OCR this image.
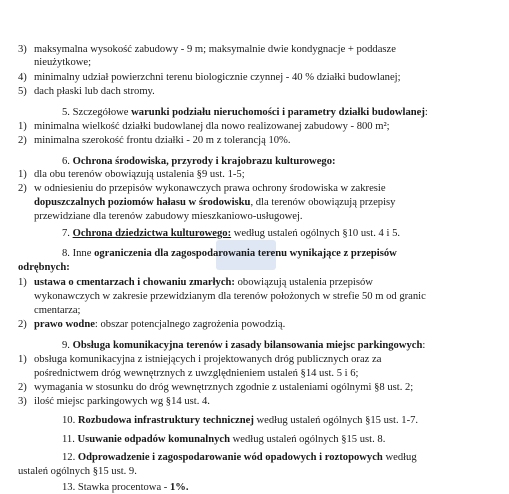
3) maksymalna wysokość zabudowy - 9 m; maksymalnie dwie kondygnacje + poddasze
nieużytkowe;
4) minimalny udział powierzchni terenu biologicznie czynnej - 40 % działki budowlanej;
5) dach płaski lub dach stromy.
5. Szczegółowe warunki podziału nieruchomości i parametry działki budowlanej:
1) minimalna wielkość działki budowlanej dla nowo realizowanej zabudowy - 800 m²;
2) minimalna szerokość frontu działki - 20 m z tolerancją 10%.
6. Ochrona środowiska, przyrody i krajobrazu kulturowego:
1) dla obu terenów obowiązują ustalenia §9 ust. 1-5;
2) w odniesieniu do przepisów wykonawczych prawa ochrony środowiska w zakresie
dopuszczalnych poziomów hałasu w środowisku, dla terenów obowiązują przepisy
przewidziane dla terenów zabudowy mieszkaniowo-usługowej.
7. Ochrona dziedzictwa kulturowego: według ustaleń ogólnych §10 ust. 4 i 5.
8. Inne ograniczenia dla zagospodarowania terenu wynikające z przepisów
odrębnych:
1) ustawa o cmentarzach i chowaniu zmarłych: obowiązują ustalenia przepisów
wykonawczych w zakresie przewidzianym dla terenów położonych w strefie 50 m od granic
cmentarza;
2) prawo wodne: obszar potencjalnego zagrożenia powodzią.
9. Obsługa komunikacyjna terenów i zasady bilansowania miejsc parkingowych:
1) obsługa komunikacyjna z istniejących i projektowanych dróg publicznych oraz za
pośrednictwem dróg wewnętrznych z uwzględnieniem ustaleń §14 ust. 5 i 6;
2) wymagania w stosunku do dróg wewnętrznych zgodnie z ustaleniami ogólnymi §8 ust. 2;
3) ilość miejsc parkingowych wg §14 ust. 4.
10. Rozbudowa infrastruktury technicznej według ustaleń ogólnych §15 ust. 1-7.
11. Usuwanie odpadów komunalnych według ustaleń ogólnych §15 ust. 8.
12. Odprowadzenie i zagospodarowanie wód opadowych i roztopowych według
ustaleń ogólnych §15 ust. 9.
13. Stawka procentowa - 1%.
